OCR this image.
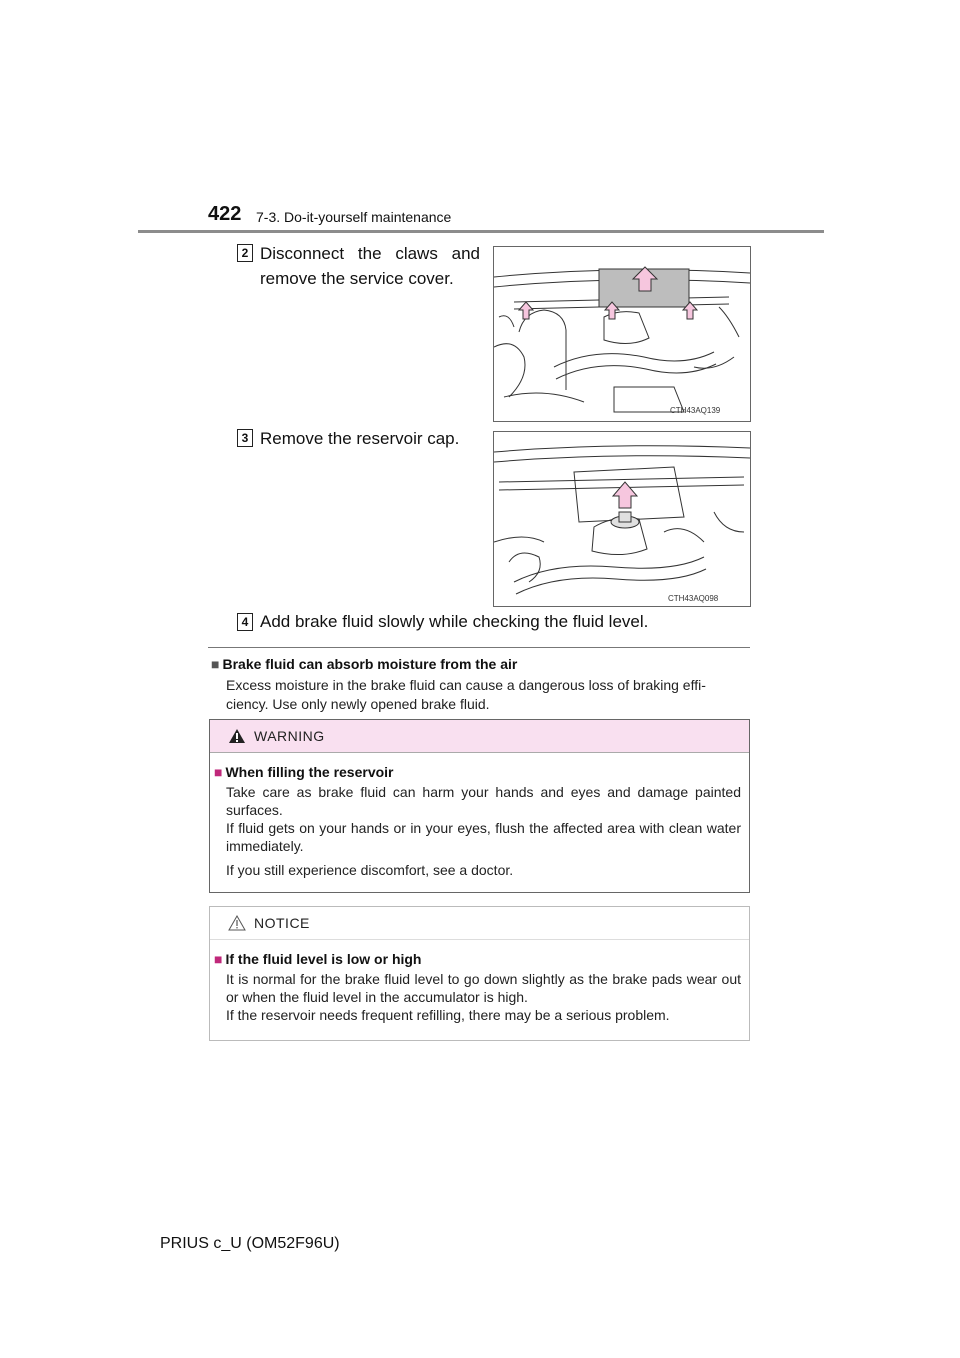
422 7-3. Do-it-yourself maintenance
2 Disconnect the claws and remove the service cover.
CTH43AQ139
3 Remove the reservoir cap.
CTH43AQ098
4 Add brake fluid slowly while checking the fluid level.
■ Brake fluid can absorb moisture from the air
Excess moisture in the brake fluid can cause a dangerous loss of braking effi-ciency. Use only newly opened brake fluid.
WARNING
■ When filling the reservoir

Take care as brake fluid can harm your hands and eyes and damage painted surfaces.

If fluid gets on your hands or in your eyes, flush the affected area with clean water immediately.

If you still experience discomfort, see a doctor.

NOTICE
■ If the fluid level is low or high

It is normal for the brake fluid level to go down slightly as the brake pads wear out or when the fluid level in the accumulator is high.

If the reservoir needs frequent refilling, there may be a serious problem.

PRIUS c_U (OM52F96U)
